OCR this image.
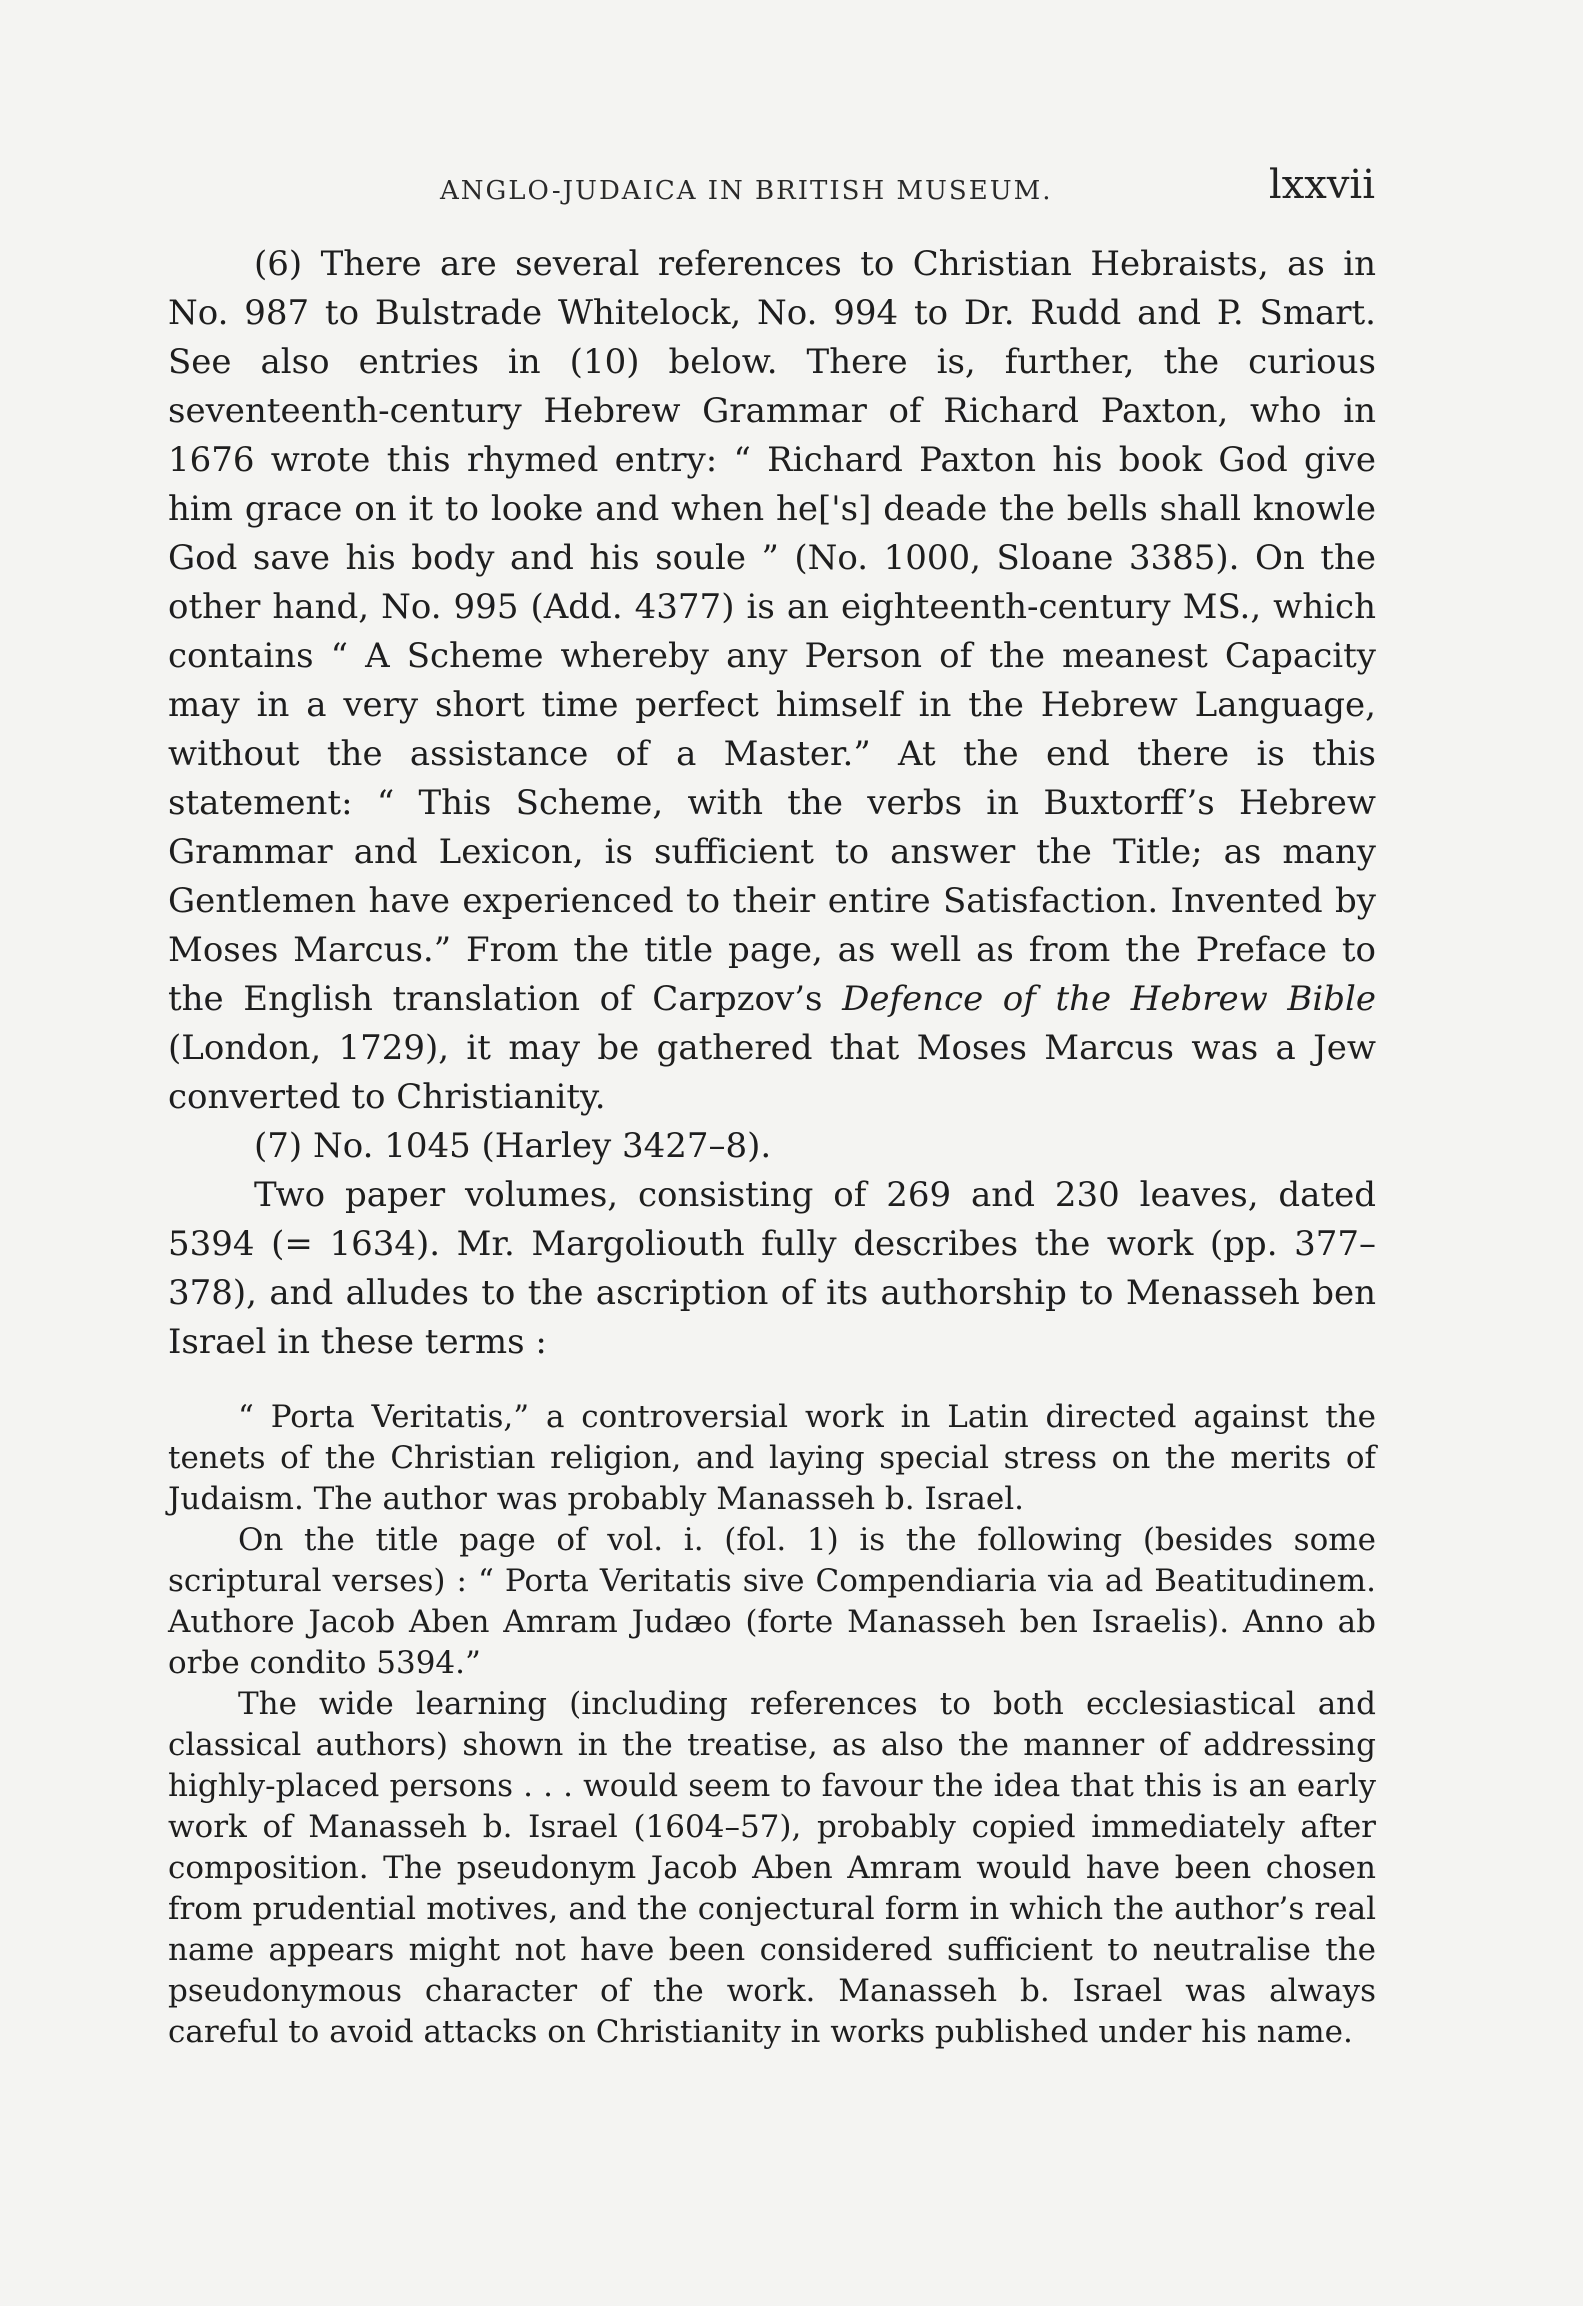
ANGLO-JUDAICA IN BRITISH MUSEUM.	lxxvii

(6) There are several references to Christian Hebraists, as in No. 987 to Bulstrade Whitelock, No. 994 to Dr. Rudd and P. Smart. See also entries in (10) below. There is, further, the curious seventeenth-century Hebrew Grammar of Richard Paxton, who in 1676 wrote this rhymed entry: “ Richard Paxton his book God give him grace on it to looke and when he['s] deade the bells shall knowle God save his body and his soule ” (No. 1000, Sloane 3385). On the other hand, No. 995 (Add. 4377) is an eighteenth-century MS., which contains “ A Scheme whereby any Person of the meanest Capacity may in a very short time perfect himself in the Hebrew Language, without the assistance of a Master.” At the end there is this statement: “ This Scheme, with the verbs in Buxtorff’s Hebrew Grammar and Lexicon, is sufficient to answer the Title; as many Gentlemen have experienced to their entire Satisfaction. Invented by Moses Marcus.” From the title page, as well as from the Preface to the English translation of Carpzov’s Defence of the Hebrew Bible (London, 1729), it may be gathered that Moses Marcus was a Jew converted to Christianity.

(7) No. 1045 (Harley 3427–8).

Two paper volumes, consisting of 269 and 230 leaves, dated 5394 (= 1634). Mr. Margoliouth fully describes the work (pp. 377–378), and alludes to the ascription of its authorship to Menasseh ben Israel in these terms :

“ Porta Veritatis,” a controversial work in Latin directed against the tenets of the Christian religion, and laying special stress on the merits of Judaism. The author was probably Manasseh b. Israel.

On the title page of vol. i. (fol. 1) is the following (besides some scriptural verses) : “ Porta Veritatis sive Compendiaria via ad Beatitudinem. Authore Jacob Aben Amram Judæo (forte Manasseh ben Israelis). Anno ab orbe condito 5394.”

The wide learning (including references to both ecclesiastical and classical authors) shown in the treatise, as also the manner of addressing highly-placed persons . . . would seem to favour the idea that this is an early work of Manasseh b. Israel (1604–57), probably copied immediately after composition. The pseudonym Jacob Aben Amram would have been chosen from prudential motives, and the conjectural form in which the author’s real name appears might not have been considered sufficient to neutralise the pseudonymous character of the work. Manasseh b. Israel was always careful to avoid attacks on Christianity in works published under his name.
